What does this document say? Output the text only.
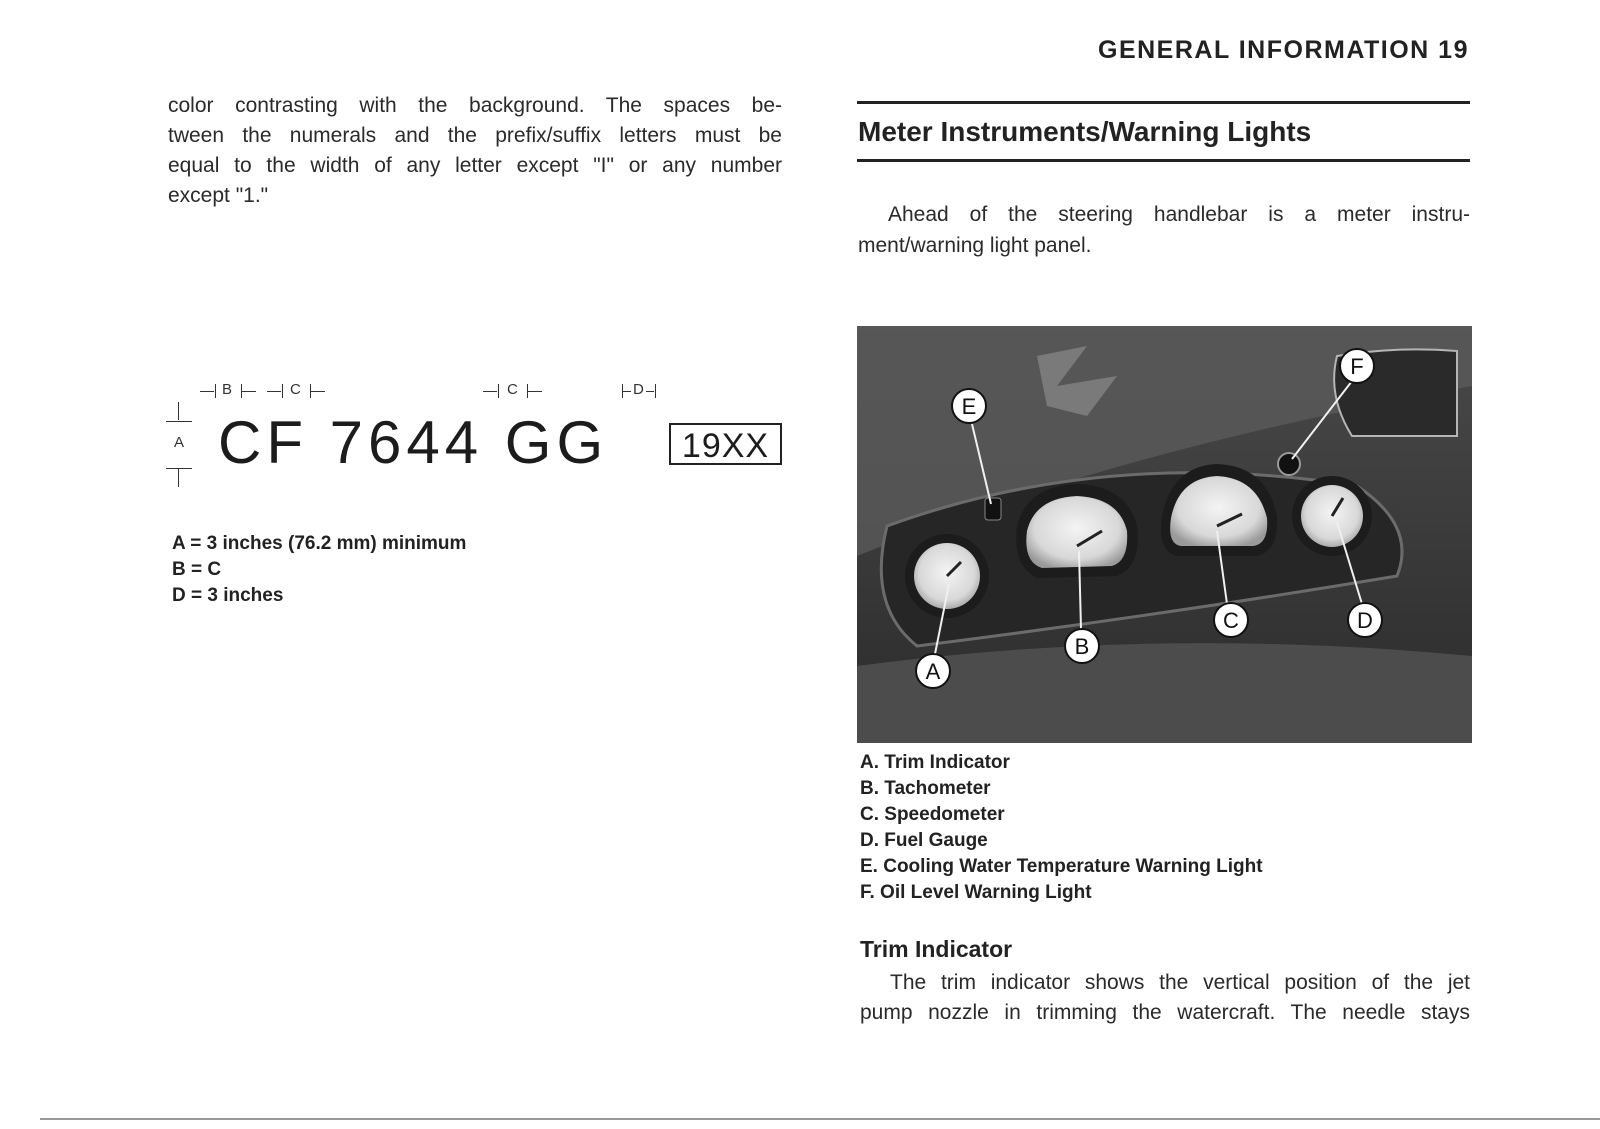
GENERAL INFORMATION 19

color contrasting with the background. The spaces be-
tween the numerals and the prefix/suffix letters must be
equal to the width of any letter except "I" or any number
except "1."

B	C	C	D
A CF 7644 GG	19XX
A = 3 inches (76.2 mm) minimum
B = C
D = 3 inches
Meter Instruments/Warning Lights

Ahead of the steering handlebar is a meter instru-
ment/warning light panel.

E
F
A
B
C	D
A. Trim Indicator
B. Tachometer
C. Speedometer
D. Fuel Gauge
E. Cooling Water Temperature Warning Light
F. Oil Level Warning Light
Trim Indicator

The trim indicator shows the vertical position of the jet
pump nozzle in trimming the watercraft. The needle stays
